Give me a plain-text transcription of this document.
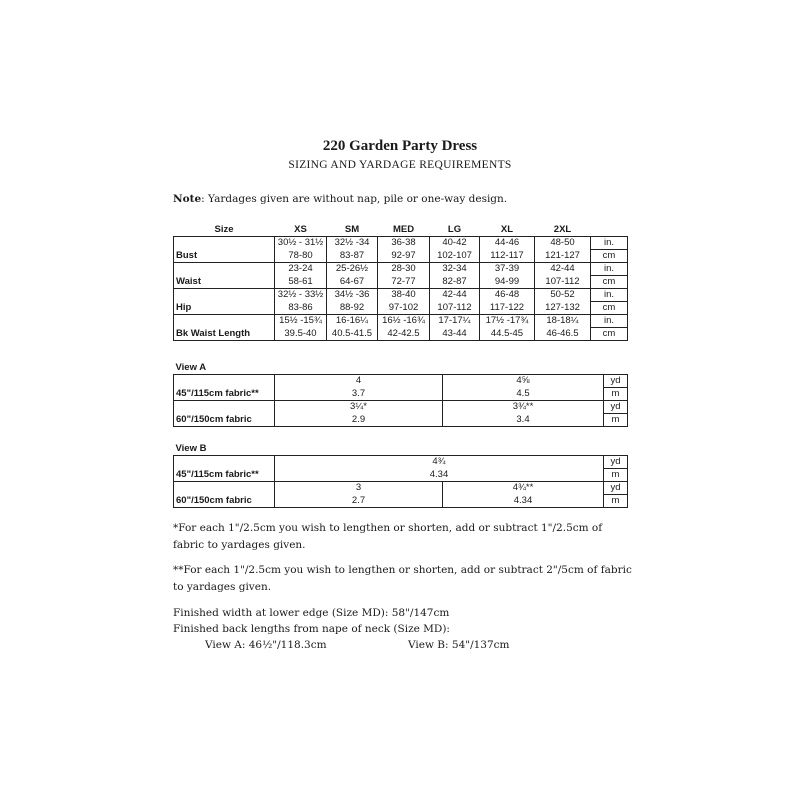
220 Garden Party Dress
SIZING AND YARDAGE REQUIREMENTS
Note: Yardages given are without nap, pile or one-way design.
Size	XS	SM	MED	LG	XL	2XL	
	30½ - 31½	32½ -34	36-38	40-42	44-46	48-50	in.
Bust	78-80	83-87	92-97	102-107	112-117	121-127	cm
	23-24	25-26½	28-30	32-34	37-39	42-44	in.
Waist	58-61	64-67	72-77	82-87	94-99	107-112	cm
	32½ - 33½	34½ -36	38-40	42-44	46-48	50-52	in.
Hip	83-86	88-92	97-102	107-112	117-122	127-132	cm
	15½ -15¾	16-16¼	16½ -16¾	17-17¼	17½ -17¾	18-18¼	in.
Bk Waist Length	39.5-40	40.5-41.5	42-42.5	43-44	44.5-45	46-46.5	cm
View A			
	4	4⅝	yd
45"/115cm fabric**	3.7	4.5	m
	3¼*	3¾**	yd
60"/150cm fabric	2.9	3.4	m
View B			
	4¾		yd
45"/115cm fabric**	4.34		m
	3	4¾**	yd
60"/150cm fabric	2.7	4.34	m
*For each 1"/2.5cm you wish to lengthen or shorten, add or subtract 1"/2.5cm of fabric to yardages given.
**For each 1"/2.5cm you wish to lengthen or shorten, add or subtract 2"/5cm of fabric to yardages given.
Finished width at lower edge (Size MD): 58"/147cm
Finished back lengths from nape of neck (Size MD):
View A: 46½"/118.3cm	View B: 54"/137cm
